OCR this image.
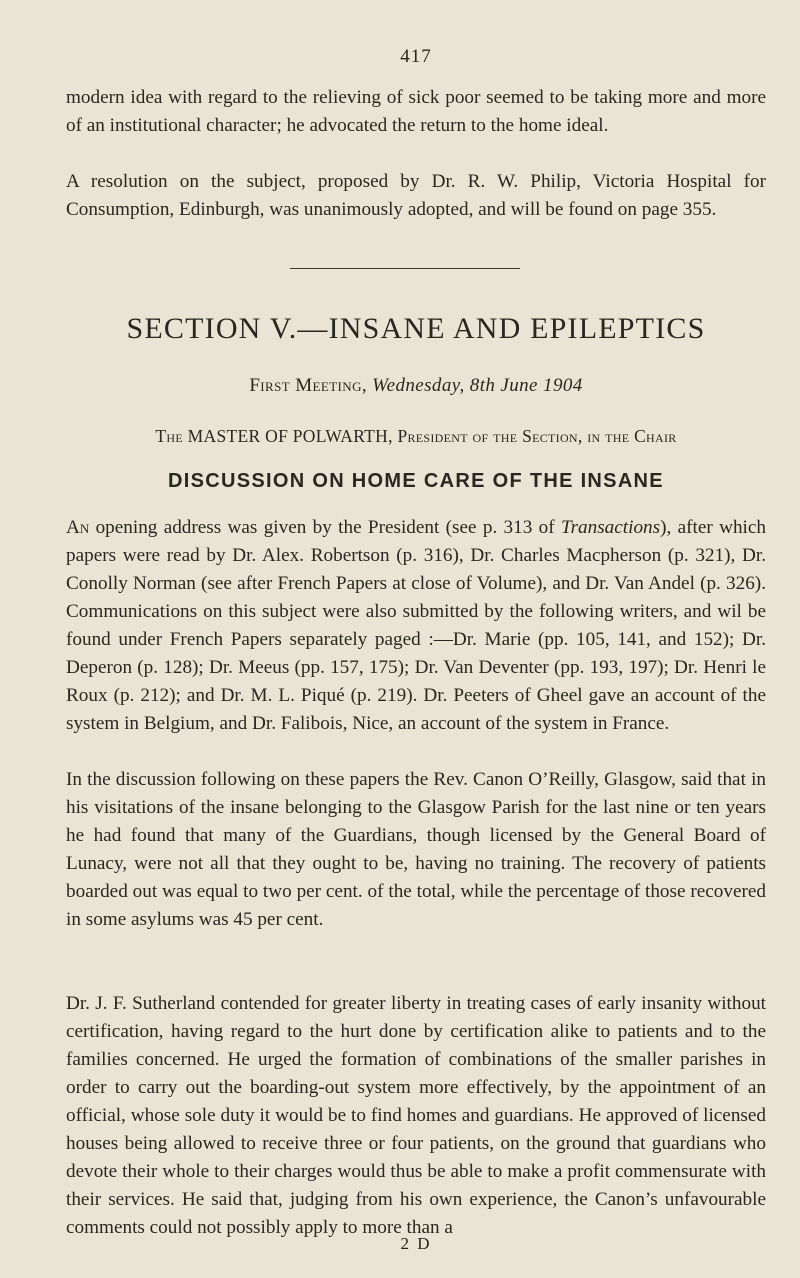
417

modern idea with regard to the relieving of sick poor seemed to be taking more and more of an institutional character; he advocated the return to the home ideal.

A resolution on the subject, proposed by Dr. R. W. Philip, Victoria Hospital for Consumption, Edinburgh, was unanimously adopted, and will be found on page 355.

SECTION V.—INSANE AND EPILEPTICS
First Meeting, Wednesday, 8th June 1904
The MASTER OF POLWARTH, President of the Section, in the Chair
DISCUSSION ON HOME CARE OF THE INSANE

An opening address was given by the President (see p. 313 of Transactions), after which papers were read by Dr. Alex. Robertson (p. 316), Dr. Charles Macpherson (p. 321), Dr. Conolly Norman (see after French Papers at close of Volume), and Dr. Van Andel (p. 326). Communications on this subject were also submitted by the following writers, and wil be found under French Papers separately paged :—Dr. Marie (pp. 105, 141, and 152); Dr. Deperon (p. 128); Dr. Meeus (pp. 157, 175); Dr. Van Deventer (pp. 193, 197); Dr. Henri le Roux (p. 212); and Dr. M. L. Piqué (p. 219). Dr. Peeters of Gheel gave an account of the system in Belgium, and Dr. Falibois, Nice, an account of the system in France.

In the discussion following on these papers the Rev. Canon O’Reilly, Glasgow, said that in his visitations of the insane belonging to the Glasgow Parish for the last nine or ten years he had found that many of the Guardians, though licensed by the General Board of Lunacy, were not all that they ought to be, having no training. The recovery of patients boarded out was equal to two per cent. of the total, while the percentage of those recovered in some asylums was 45 per cent.

Dr. J. F. Sutherland contended for greater liberty in treating cases of early insanity without certification, having regard to the hurt done by certification alike to patients and to the families concerned. He urged the formation of combinations of the smaller parishes in order to carry out the boarding-out system more effectively, by the appointment of an official, whose sole duty it would be to find homes and guardians. He approved of licensed houses being allowed to receive three or four patients, on the ground that guardians who devote their whole to their charges would thus be able to make a profit commensurate with their services. He said that, judging from his own experience, the Canon’s unfavourable comments could not possibly apply to more than a

2 D
